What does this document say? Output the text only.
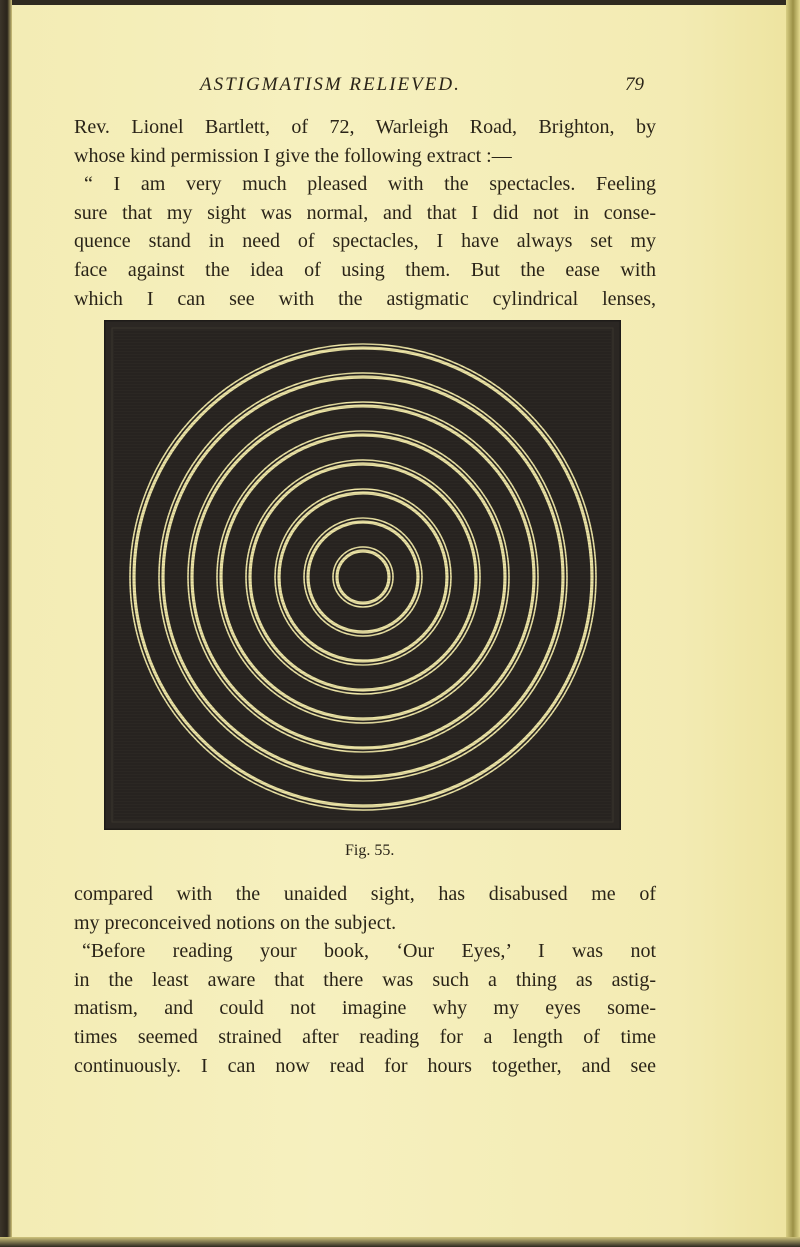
ASTIGMATISM RELIEVED.	79
Rev. Lionel Bartlett, of 72, Warleigh Road, Brighton, by
whose kind permission I give the following extract :—
“ I am very much pleased with the spectacles. Feeling
sure that my sight was normal, and that I did not in conse-
quence stand in need of spectacles, I have always set my
face against the idea of using them. But the ease with
which I can see with the astigmatic cylindrical lenses,
Fig. 55.
compared with the unaided sight, has disabused me of
my preconceived notions on the subject.
“Before reading your book, ‘Our Eyes,’ I was not
in the least aware that there was such a thing as astig-
matism, and could not imagine why my eyes some-
times seemed strained after reading for a length of time
continuously. I can now read for hours together, and see
